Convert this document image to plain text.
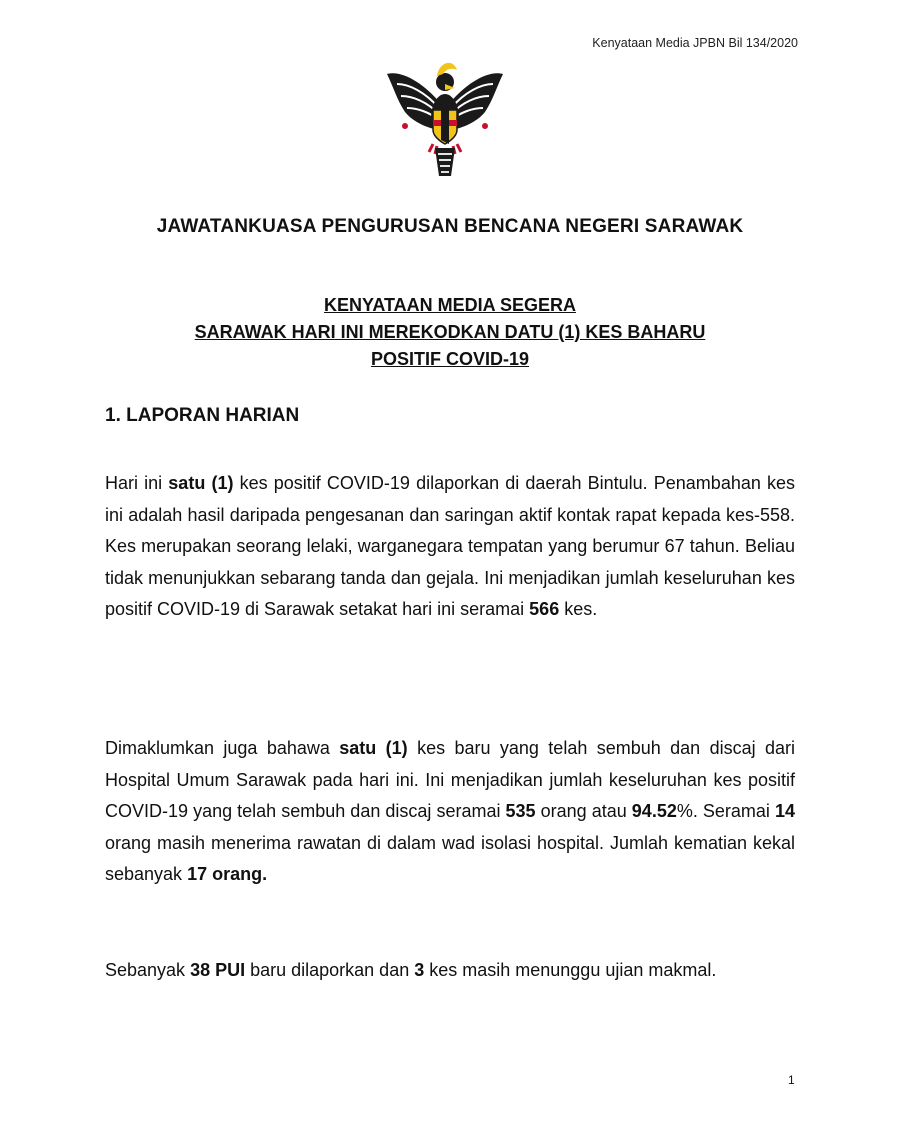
Kenyataan Media JPBN Bil 134/2020
JAWATANKUASA PENGURUSAN BENCANA NEGERI SARAWAK
KENYATAAN MEDIA SEGERA
SARAWAK HARI INI MEREKODKAN DATU (1) KES BAHARU
POSITIF COVID-19
1. LAPORAN HARIAN
Hari ini satu (1) kes positif COVID-19 dilaporkan di daerah Bintulu. Penambahan kes ini adalah hasil daripada pengesanan dan saringan aktif kontak rapat kepada kes-558. Kes merupakan seorang lelaki, warganegara tempatan yang berumur 67 tahun. Beliau tidak menunjukkan sebarang tanda dan gejala. Ini menjadikan jumlah keseluruhan kes positif COVID-19 di Sarawak setakat hari ini seramai 566 kes.
Dimaklumkan juga bahawa satu (1) kes baru yang telah sembuh dan discaj dari Hospital Umum Sarawak pada hari ini. Ini menjadikan jumlah keseluruhan kes positif COVID-19 yang telah sembuh dan discaj seramai 535 orang atau 94.52%. Seramai 14 orang masih menerima rawatan di dalam wad isolasi hospital. Jumlah kematian kekal sebanyak 17 orang.
Sebanyak 38 PUI baru dilaporkan dan 3 kes masih menunggu ujian makmal.
1
